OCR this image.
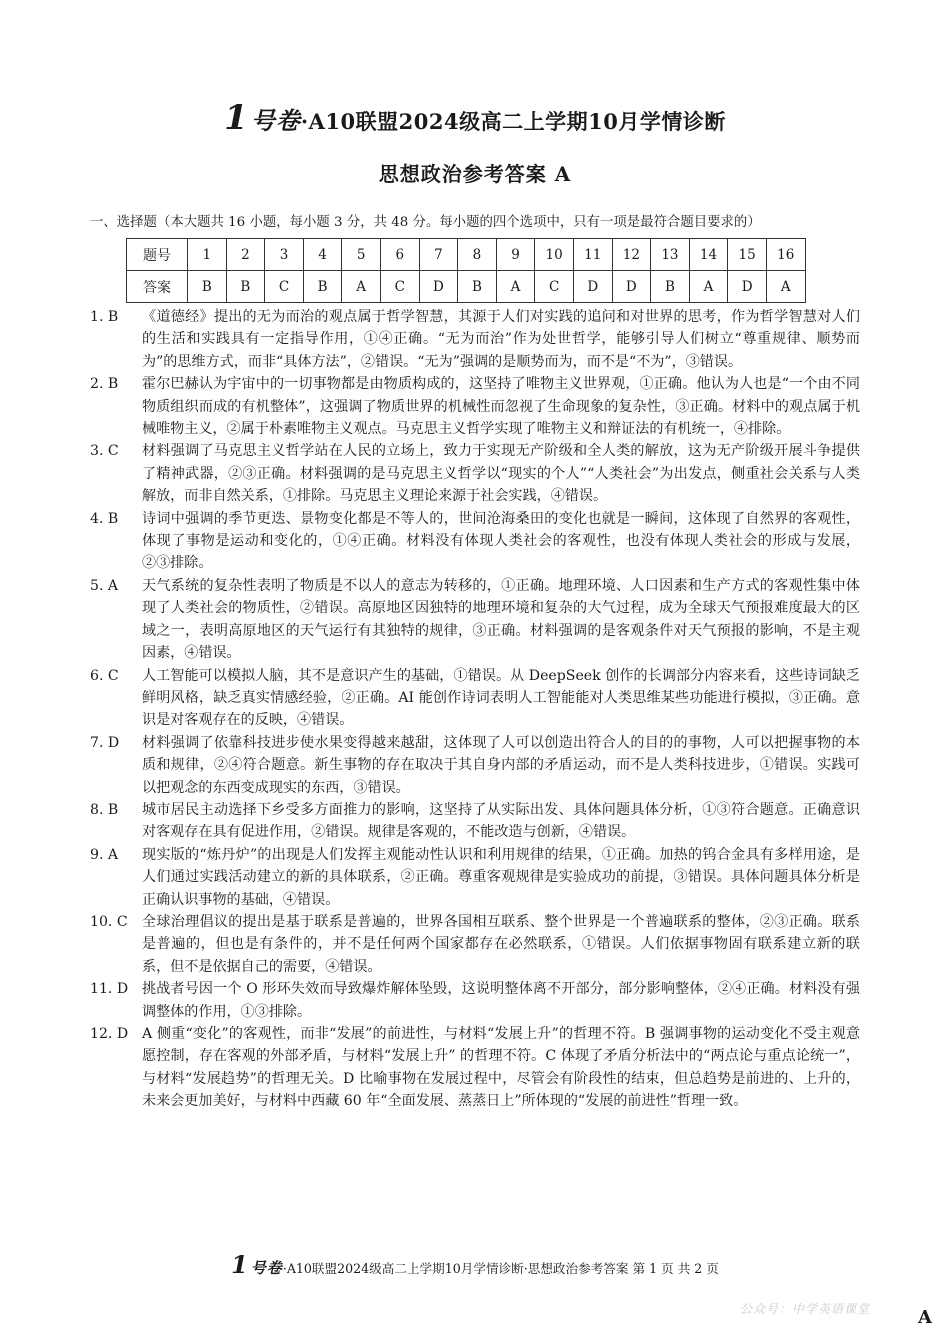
1号卷·A10联盟2024级高二上学期10月学情诊断
思想政治参考答案 A
一、选择题（本大题共 16 小题，每小题 3 分，共 48 分。每小题的四个选项中，只有一项是最符合题目要求的）
题号	1	2	3	4	5	6	7	8	9	10	11	12	13	14	15	16
答案	B	B	C	B	A	C	D	B	A	C	D	D	B	A	D	A
1. B	《道德经》提出的无为而治的观点属于哲学智慧，其源于人们对实践的追问和对世界的思考，作为哲学智慧对人们的生活和实践具有一定指导作用，①④正确。“无为而治”作为处世哲学，能够引导人们树立“尊重规律、顺势而为”的思维方式，而非“具体方法”，②错误。“无为”强调的是顺势而为，而不是“不为”，③错误。
2. B	霍尔巴赫认为宇宙中的一切事物都是由物质构成的，这坚持了唯物主义世界观，①正确。他认为人也是“一个由不同物质组织而成的有机整体”，这强调了物质世界的机械性而忽视了生命现象的复杂性，③正确。材料中的观点属于机械唯物主义，②属于朴素唯物主义观点。马克思主义哲学实现了唯物主义和辩证法的有机统一，④排除。
3. C	材料强调了马克思主义哲学站在人民的立场上，致力于实现无产阶级和全人类的解放，这为无产阶级开展斗争提供了精神武器，②③正确。材料强调的是马克思主义哲学以“现实的个人”“人类社会”为出发点，侧重社会关系与人类解放，而非自然关系，①排除。马克思主义理论来源于社会实践，④错误。
4. B	诗词中强调的季节更迭、景物变化都是不等人的，世间沧海桑田的变化也就是一瞬间，这体现了自然界的客观性，体现了事物是运动和变化的，①④正确。材料没有体现人类社会的客观性，也没有体现人类社会的形成与发展，②③排除。
5. A	天气系统的复杂性表明了物质是不以人的意志为转移的，①正确。地理环境、人口因素和生产方式的客观性集中体现了人类社会的物质性，②错误。高原地区因独特的地理环境和复杂的大气过程，成为全球天气预报难度最大的区域之一，表明高原地区的天气运行有其独特的规律，③正确。材料强调的是客观条件对天气预报的影响，不是主观因素，④错误。
6. C	人工智能可以模拟人脑，其不是意识产生的基础，①错误。从 DeepSeek 创作的长调部分内容来看，这些诗词缺乏鲜明风格，缺乏真实情感经验，②正确。AI 能创作诗词表明人工智能能对人类思维某些功能进行模拟，③正确。意识是对客观存在的反映，④错误。
7. D	材料强调了依靠科技进步使水果变得越来越甜，这体现了人可以创造出符合人的目的的事物，人可以把握事物的本质和规律，②④符合题意。新生事物的存在取决于其自身内部的矛盾运动，而不是人类科技进步，①错误。实践可以把观念的东西变成现实的东西，③错误。
8. B	城市居民主动选择下乡受多方面推力的影响，这坚持了从实际出发、具体问题具体分析，①③符合题意。正确意识对客观存在具有促进作用，②错误。规律是客观的，不能改造与创新，④错误。
9. A	现实版的“炼丹炉”的出现是人们发挥主观能动性认识和利用规律的结果，①正确。加热的钨合金具有多样用途，是人们通过实践活动建立的新的具体联系，②正确。尊重客观规律是实验成功的前提，③错误。具体问题具体分析是正确认识事物的基础，④错误。
10. C	全球治理倡议的提出是基于联系是普遍的，世界各国相互联系、整个世界是一个普遍联系的整体，②③正确。联系是普遍的，但也是有条件的，并不是任何两个国家都存在必然联系，①错误。人们依据事物固有联系建立新的联系，但不是依据自己的需要，④错误。
11. D 挑战者号因一个 O 形环失效而导致爆炸解体坠毁，这说明整体离不开部分，部分影响整体，②④正确。材料没有强调整体的作用，①③排除。
12. D A 侧重“变化”的客观性，而非“发展”的前进性，与材料“发展上升”的哲理不符。B 强调事物的运动变化不受主观意愿控制，存在客观的外部矛盾，与材料“发展上升” 的哲理不符。C 体现了矛盾分析法中的“两点论与重点论统一”，与材料“发展趋势”的哲理无关。D 比喻事物在发展过程中，尽管会有阶段性的结束，但总趋势是前进的、上升的，未来会更加美好，与材料中西藏 60 年“全面发展、蒸蒸日上”所体现的“发展的前进性”哲理一致。
1 号卷·A10联盟2024级高二上学期10月学情诊断·思想政治参考答案 第 1 页 共 2 页
公众号：中学英语课堂	A
